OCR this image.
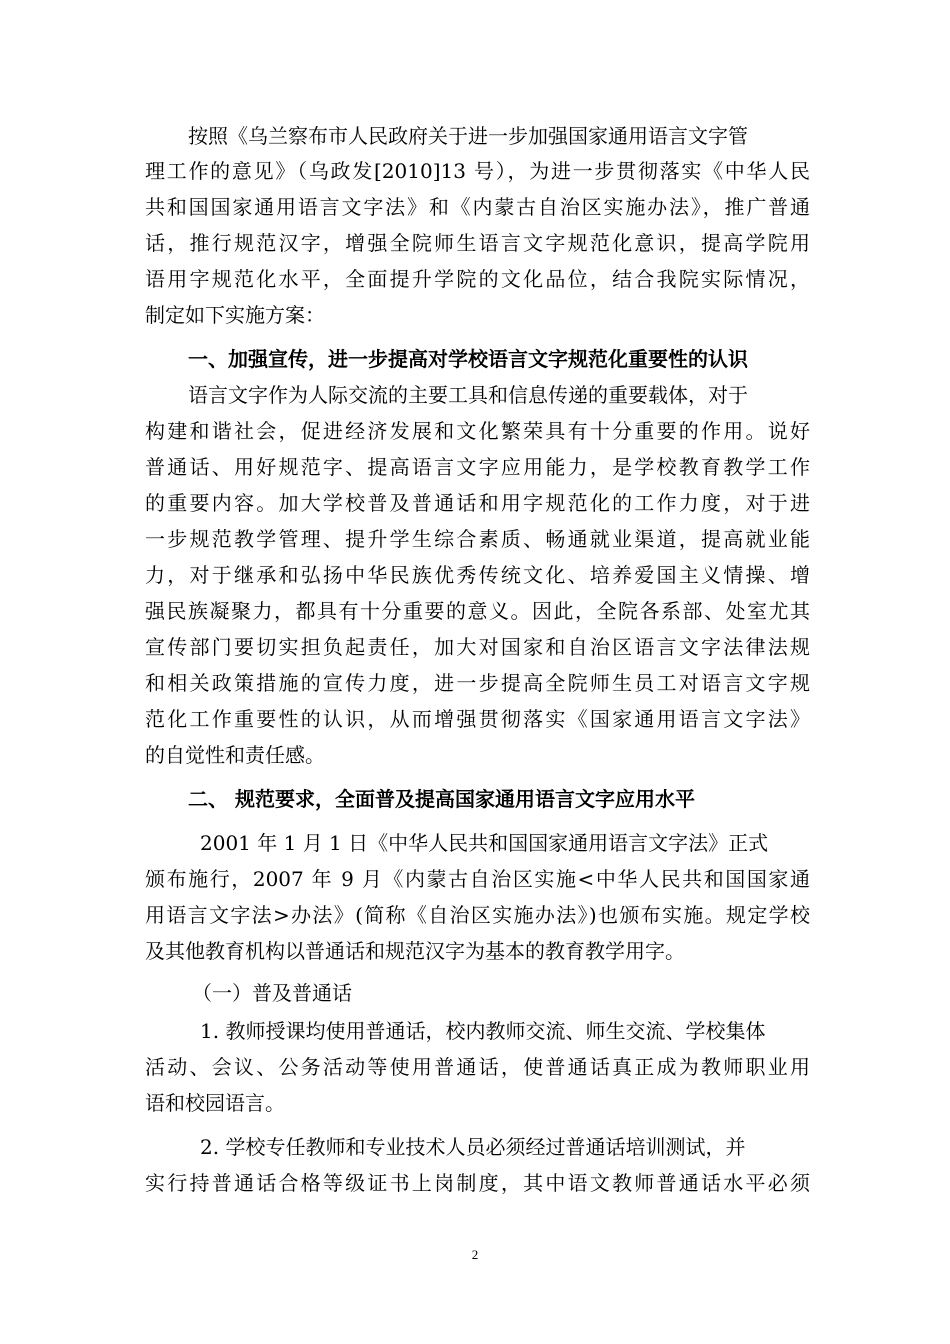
按照《乌兰察布市人民政府关于进一步加强国家通用语言文字管
理工作的意见》（乌政发[2010]13 号），为进一步贯彻落实《中华人民
共和国国家通用语言文字法》和《内蒙古自治区实施办法》，推广普通
话，推行规范汉字，增强全院师生语言文字规范化意识，提高学院用
语用字规范化水平，全面提升学院的文化品位，结合我院实际情况，
制定如下实施方案：
一、加强宣传，进一步提高对学校语言文字规范化重要性的认识
语言文字作为人际交流的主要工具和信息传递的重要载体，对于
构建和谐社会，促进经济发展和文化繁荣具有十分重要的作用。说好
普通话、用好规范字、提高语言文字应用能力，是学校教育教学工作
的重要内容。加大学校普及普通话和用字规范化的工作力度，对于进
一步规范教学管理、提升学生综合素质、畅通就业渠道，提高就业能
力，对于继承和弘扬中华民族优秀传统文化、培养爱国主义情操、增
强民族凝聚力，都具有十分重要的意义。因此，全院各系部、处室尤其
宣传部门要切实担负起责任，加大对国家和自治区语言文字法律法规
和相关政策措施的宣传力度，进一步提高全院师生员工对语言文字规
范化工作重要性的认识，从而增强贯彻落实《国家通用语言文字法》
的自觉性和责任感。
二、 规范要求，全面普及提高国家通用语言文字应用水平
2001 年 1 月 1 日《中华人民共和国国家通用语言文字法》正式
颁布施行，2007 年 9 月《内蒙古自治区实施<中华人民共和国国家通
用语言文字法>办法》(简称《自治区实施办法》)也颁布实施。规定学校
及其他教育机构以普通话和规范汉字为基本的教育教学用字。
（一）普及普通话
1. 教师授课均使用普通话，校内教师交流、师生交流、学校集体
活动、会议、公务活动等使用普通话，使普通话真正成为教师职业用
语和校园语言。
2. 学校专任教师和专业技术人员必须经过普通话培训测试，并
实行持普通话合格等级证书上岗制度，其中语文教师普通话水平必须
2
